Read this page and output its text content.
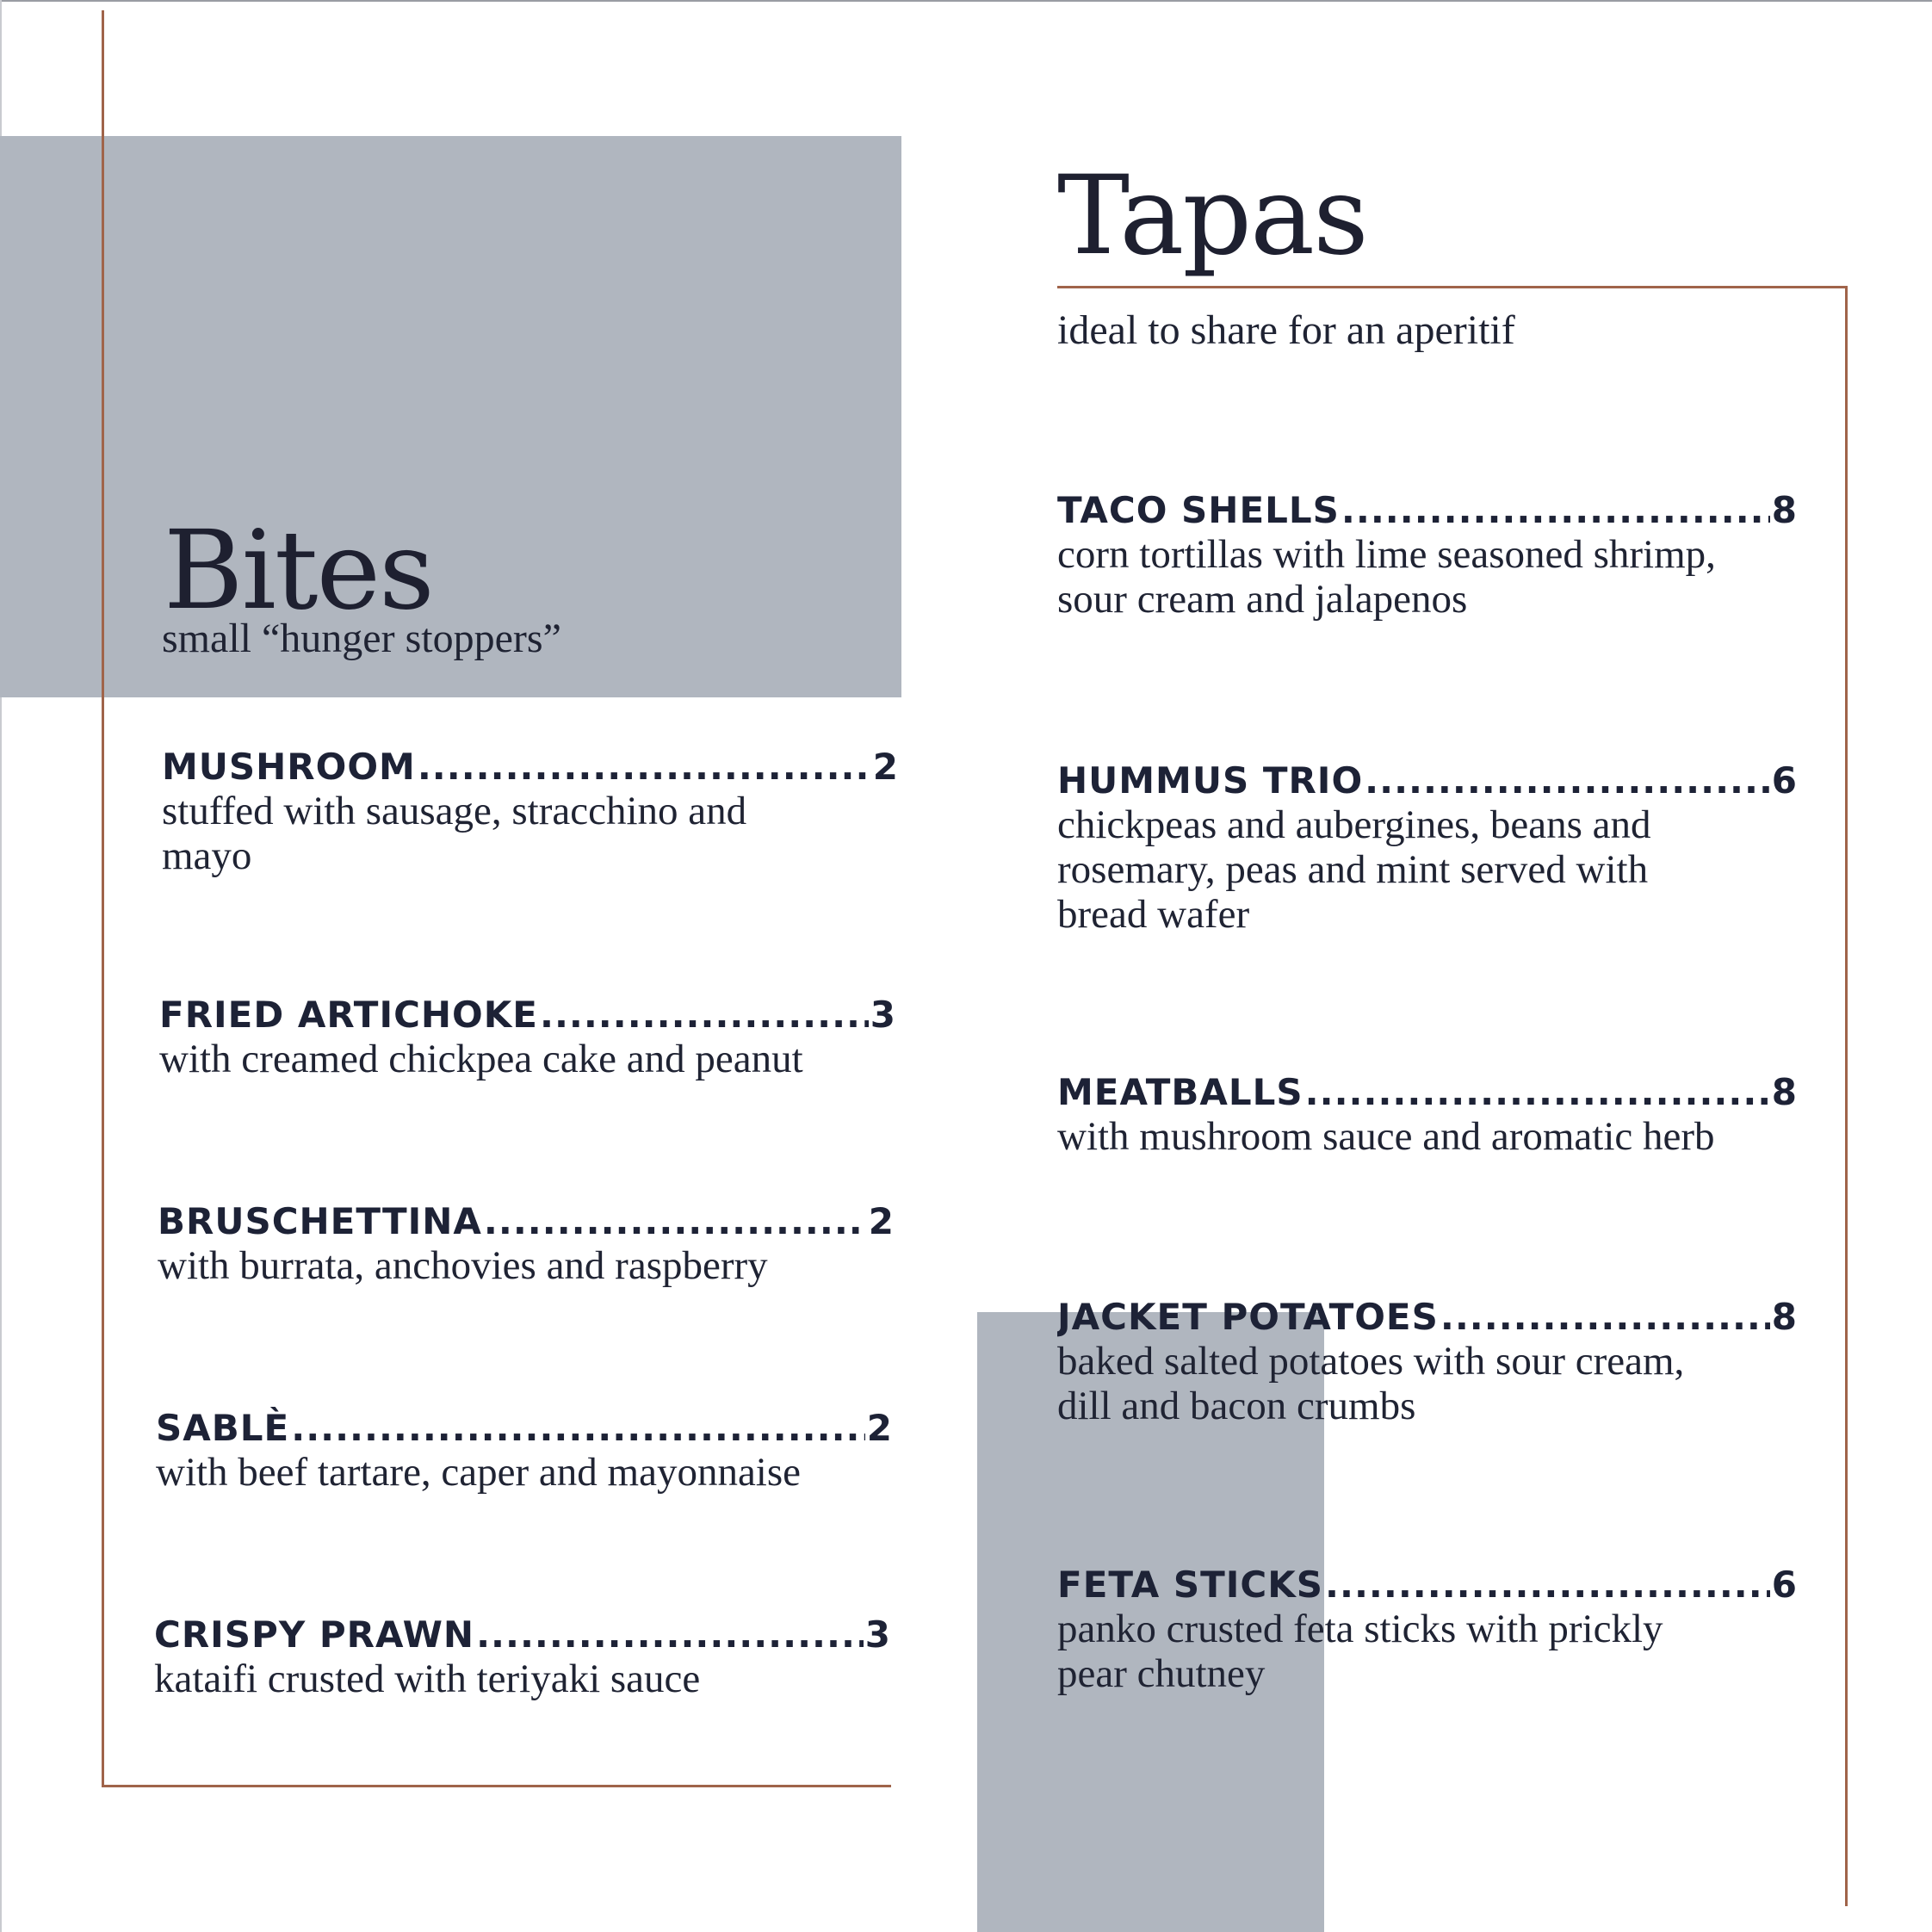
Bites

small “hunger stoppers”

Tapas

ideal to share for an aperitif

MUSHROOM .....	2

stuffed with sausage, stracchino and

mayo

FRIED ARTICHOKE .....	3

with creamed chickpea cake and peanut

BRUSCHETTINA .....	2

with burrata, anchovies and raspberry

SABLÈ .....	2

with beef tartare, caper and mayonnaise

CRISPY PRAWN .....	3

kataifi crusted with teriyaki sauce

TACO SHELLS .....	8

corn tortillas with lime seasoned shrimp,

sour cream and jalapenos

HUMMUS TRIO .....	6

chickpeas and aubergines, beans and

rosemary, peas and mint served with

bread wafer

MEATBALLS .....	8

with mushroom sauce and aromatic herb

JACKET POTATOES .....	8

baked salted potatoes with sour cream,

dill and bacon crumbs

FETA STICKS .....	6

panko crusted feta sticks with prickly

pear chutney
